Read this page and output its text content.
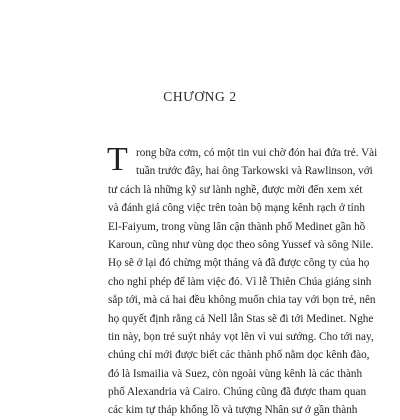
CHƯƠNG 2
T rong bữa cơm, có một tin vui chờ đón hai đứa trẻ. Vài
tuần trước đây, hai ông Tarkowski và Rawlinson, với
tư cách là những kỹ sư lành nghề, được mời đến xem xét
và đánh giá công việc trên toàn bộ mạng kênh rạch ở tỉnh
El-Faiyum, trong vùng lân cận thành phố Medinet gần hồ
Karoun, cũng như vùng dọc theo sông Yussef và sông Nile.
Họ sẽ ở lại đó chừng một tháng và đã được công ty của họ
cho nghỉ phép để làm việc đó. Vì lễ Thiên Chúa giáng sinh
sắp tới, mà cả hai đều không muốn chia tay với bọn trẻ, nên
họ quyết định rằng cả Nell lẫn Stas sẽ đi tới Medinet. Nghe
tin này, bọn trẻ suýt nhảy vọt lên vì vui sướng. Cho tới nay,
chúng chỉ mới được biết các thành phố nằm dọc kênh đào,
đó là Ismailia và Suez, còn ngoài vùng kênh là các thành
phố Alexandria và Cairo. Chúng cũng đã được tham quan
các kim tự tháp khổng lồ và tượng Nhân sư ở gần thành
